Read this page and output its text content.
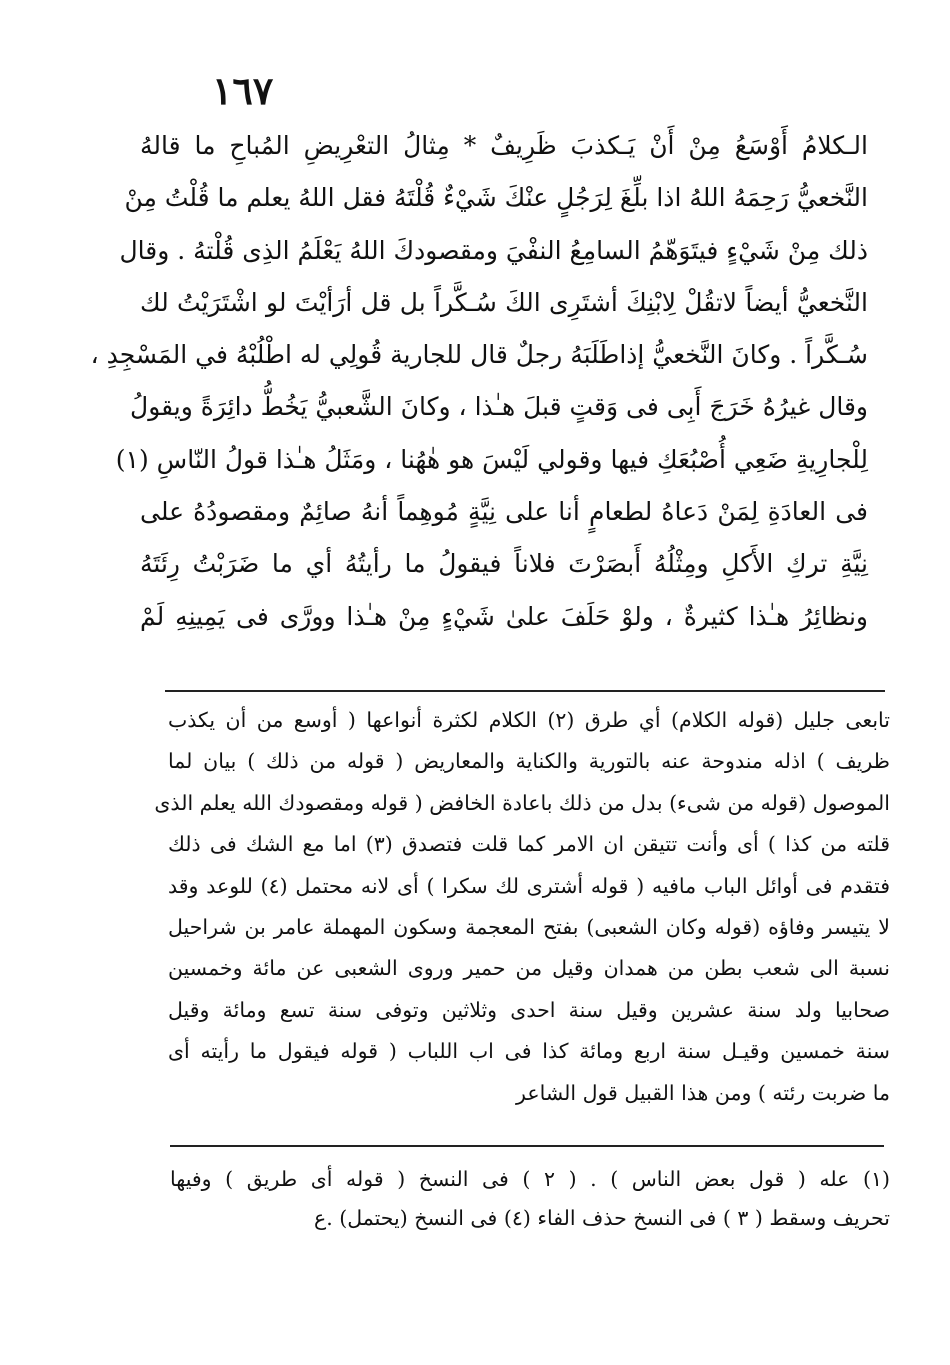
١٦٧
الـكلامُ أَوْسَعُ مِنْ أَنْ يَـكذبَ ظَرِيفٌ * مِثالُ التعْرِيضِ المُباحِ ما قالهُ
النَّخعيُّ رَحِمَهُ اللهُ اذا بلِّغَ لِرَجُلٍ عنْكَ شَيْءٌ قُلْتَهُ فقل اللهُ يعلم ما قُلْتُ مِنْ
ذلك مِنْ شَيْءٍ فيتَوَهّمُ السامِعُ النفْيَ ومقصودكَ اللهُ يَعْلَمُ الذِى قُلْتهُ . وقال
النَّخعيُّ أيضاً لاتقُلْ لِابْنِكَ أشتَرِى الكَ سُـكَّراً بل قل أرَأيْتَ لو اشْتَرَيْتُ لك
سُـكَّراً . وكانَ النَّخعيُّ إذاطَلَبَهُ رجلٌ قال للجارية قُولِي له اطْلُبْهُ في المَسْجِدِ ،
وقال غيرُهُ خَرَجَ أَبِى فى وَقتٍ قبلَ هـٰذا ، وكانَ الشَّعبيُّ يَخُطُّ دائِرَةً ويقولُ
لِلْجارِيةِ ضَعِي أُصْبُعَكِ فيها وقولي لَيْسَ هو هٰهُنا ، ومَثَلُ هـٰذا قولُ النّاسِ (١)
فى العادَةِ لِمَنْ دَعاهُ لطعامٍ أنا على نِيَّةٍ مُوهِماً أنهُ صائِمٌ ومقصودُهُ على
نِيَّةِ تركِ الأَكلِ ومِثْلُهُ أَبصَرْتَ فلاناً فيقولُ ما رأيتُهُ أي ما ضَرَبْتُ رِئَتَهُ
ونظائِرُ هـٰذا كثيرةٌ ، ولوْ حَلَفَ علىٰ شَيْءٍ مِنْ هـٰذا وورَّى فى يَمِينِهِ لَمْ
تابعى جليل (قوله الكلام) أي طرق (٢) الكلام لكثرة أنواعها ( أوسع من أن يكذب
ظريف ) اذله مندوحة عنه بالتورية والكناية والمعاريض ( قوله من ذلك ) بيان لما
الموصول (قوله من شىء) بدل من ذلك باعادة الخافض ( قوله ومقصودك الله يعلم الذى
قلته من كذا ) أى وأنت تتيقن ان الامر كما قلت فتصدق (٣) اما مع الشك فى ذلك
فتقدم فى أوائل الباب مافيه ( قوله أشترى لك سكرا ) أى لانه محتمل (٤) للوعد وقد
لا يتيسر وفاؤه (قوله وكان الشعبى) بفتح المعجمة وسكون المهملة عامر بن شراحيل
نسبة الى شعب بطن من همدان وقيل من حمير وروى الشعبى عن مائة وخمسين
صحابيا ولد سنة عشرين وقيل سنة احدى وثلاثين وتوفى سنة تسع ومائة وقيل
سنة خمسين وقيـل سنة اربع ومائة كذا فى اب اللباب ( قوله فيقول ما رأيته أى
ما ضربت رئته ) ومن هذا القبيل قول الشاعر
(١) عله ( قول بعض الناس ) . ( ٢ ) فى النسخ ( قوله أى طريق ) وفيها
تحريف وسقط ( ٣ ) فى النسخ حذف الفاء (٤) فى النسخ (يحتمل) .ع
